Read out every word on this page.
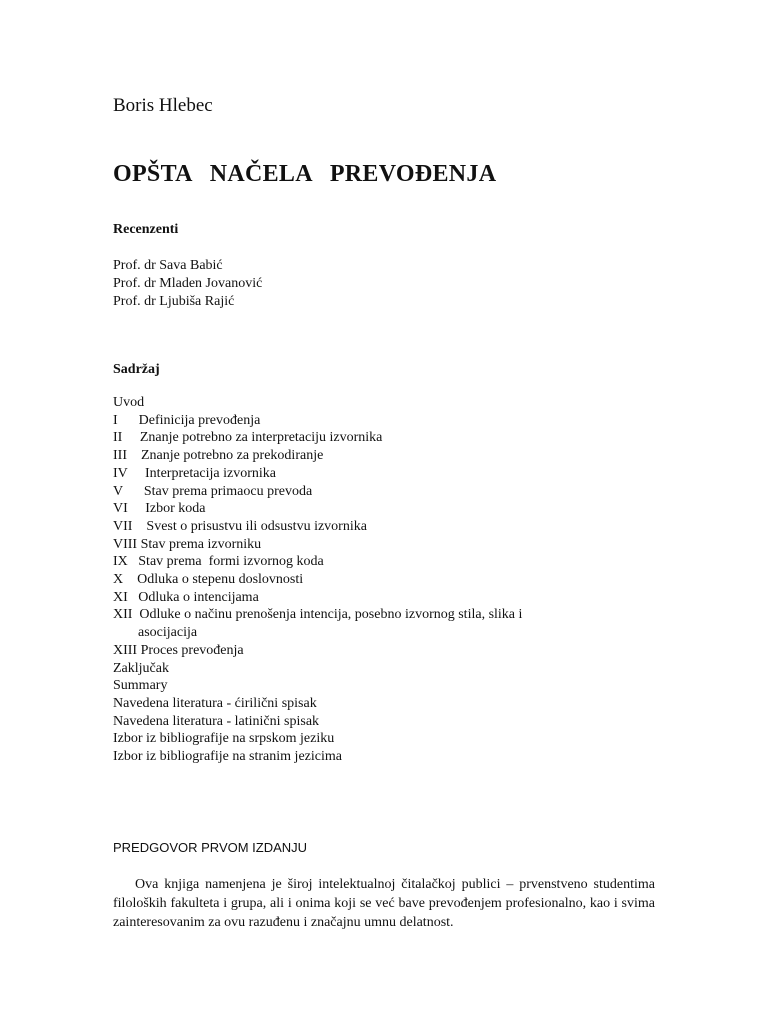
Boris Hlebec
OPŠTA NAČELA PREVOĐENJA
Recenzenti
Prof. dr Sava Babić
Prof. dr Mladen Jovanović
Prof. dr Ljubiša Rajić
Sadržaj
Uvod
I      Definicija prevođenja
II     Znanje potrebno za interpretaciju izvornika
III    Znanje potrebno za prekodiranje
IV     Interpretacija izvornika
V      Stav prema primaocu prevoda
VI     Izbor koda
VII    Svest o prisustvu ili odsustvu izvornika
VIII Stav prema izvorniku
IX   Stav prema  formi izvornog koda
X    Odluka o stepenu doslovnosti
XI   Odluka o intencijama
XII  Odluke o načinu prenošenja intencija, posebno izvornog stila, slika i
asocijacija
XIII Proces prevođenja
Zaključak
Summary
Navedena literatura - ćirilični spisak
Navedena literatura - latinični spisak
Izbor iz bibliografije na srpskom jeziku
Izbor iz bibliografije na stranim jezicima
PREDGOVOR PRVOM IZDANJU
Ova knjiga namenjena je široj intelektualnoj čitalačkoj publici – prvenstveno studentima filoloških fakulteta i grupa, ali i onima koji se već bave prevođenjem profesionalno, kao i svima zainteresovanim za ovu razuđenu i značajnu umnu delatnost.
